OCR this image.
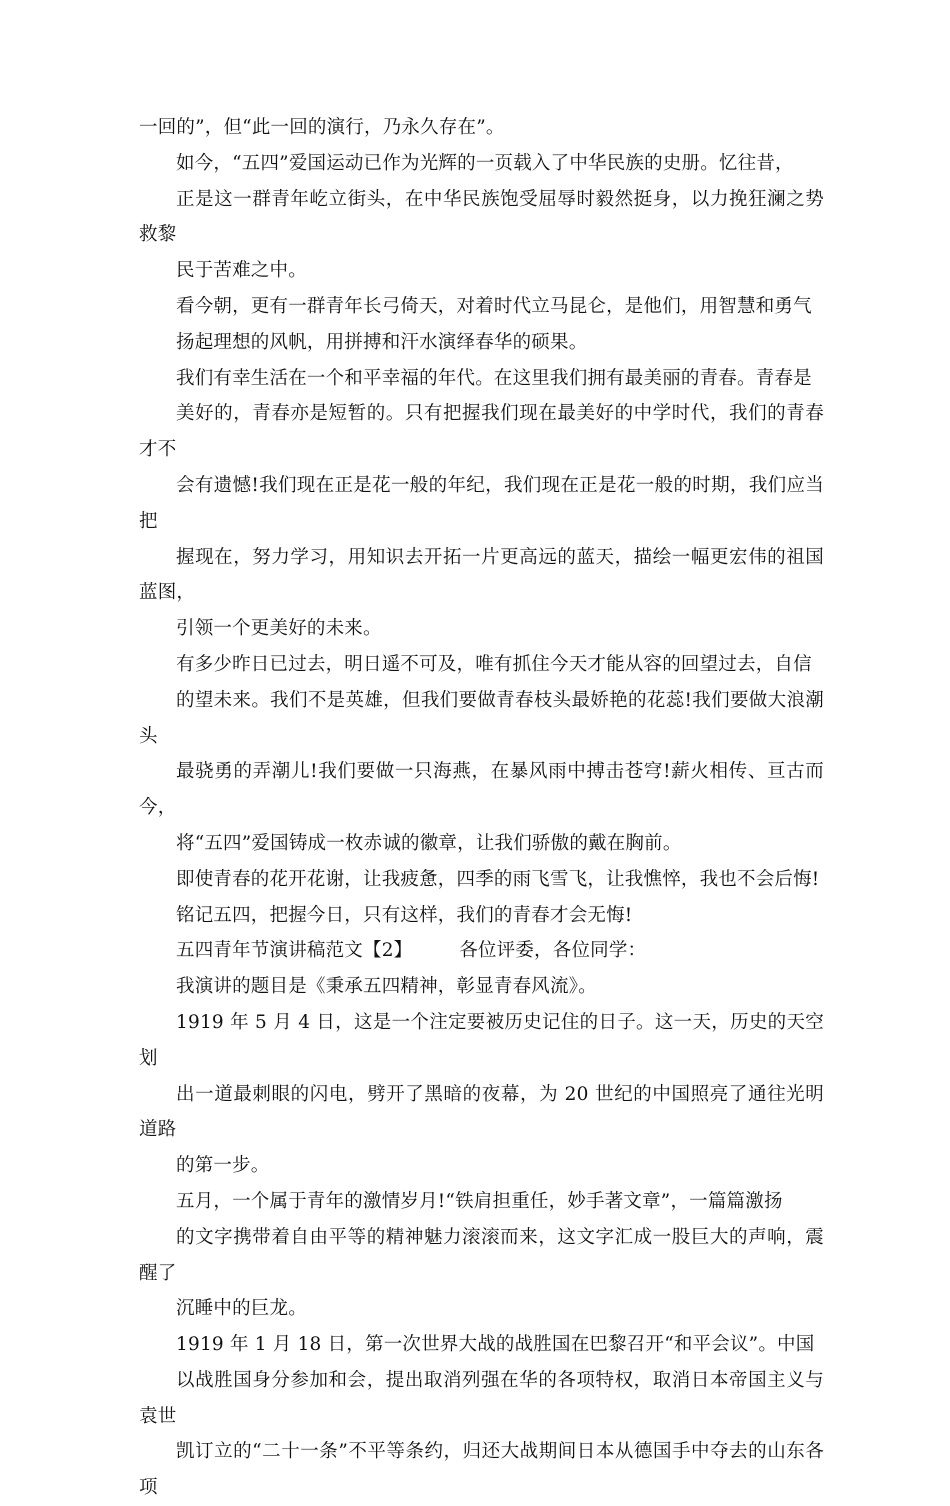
一回的”，但“此一回的演行，乃永久存在”。

如今，“五四”爱国运动已作为光辉的一页载入了中华民族的史册。忆往昔，
正是这一群青年屹立街头，在中华民族饱受屈辱时毅然挺身，以力挽狂澜之势救黎
民于苦难之中。

看今朝，更有一群青年长弓倚天，对着时代立马昆仑，是他们，用智慧和勇气
扬起理想的风帆，用拼搏和汗水演绎春华的硕果。

我们有幸生活在一个和平幸福的年代。在这里我们拥有最美丽的青春。青春是
美好的，青春亦是短暂的。只有把握我们现在最美好的中学时代，我们的青春才不
会有遗憾!我们现在正是花一般的年纪，我们现在正是花一般的时期，我们应当把
握现在，努力学习，用知识去开拓一片更高远的蓝天，描绘一幅更宏伟的祖国蓝图，
引领一个更美好的未来。

有多少昨日已过去，明日遥不可及，唯有抓住今天才能从容的回望过去，自信
的望未来。我们不是英雄，但我们要做青春枝头最娇艳的花蕊!我们要做大浪潮头
最骁勇的弄潮儿!我们要做一只海燕，在暴风雨中搏击苍穹!薪火相传、亘古而今，
将“五四”爱国铸成一枚赤诚的徽章，让我们骄傲的戴在胸前。

即使青春的花开花谢，让我疲惫，四季的雨飞雪飞，让我憔悴，我也不会后悔!

铭记五四，把握今日，只有这样，我们的青春才会无悔!

五四青年节演讲稿范文【2】　　　各位评委，各位同学：

我演讲的题目是《秉承五四精神，彰显青春风流》。

1919 年 5 月 4 日，这是一个注定要被历史记住的日子。这一天，历史的天空划
出一道最刺眼的闪电，劈开了黑暗的夜幕，为 20 世纪的中国照亮了通往光明道路
的第一步。

五月，一个属于青年的激情岁月!“铁肩担重任，妙手著文章”，一篇篇激扬
的文字携带着自由平等的精神魅力滚滚而来，这文字汇成一股巨大的声响，震醒了
沉睡中的巨龙。

1919 年 1 月 18 日，第一次世界大战的战胜国在巴黎召开“和平会议”。中国
以战胜国身分参加和会，提出取消列强在华的各项特权，取消日本帝国主义与袁世
凯订立的“二十一条”不平等条约，归还大战期间日本从德国手中夺去的山东各项
